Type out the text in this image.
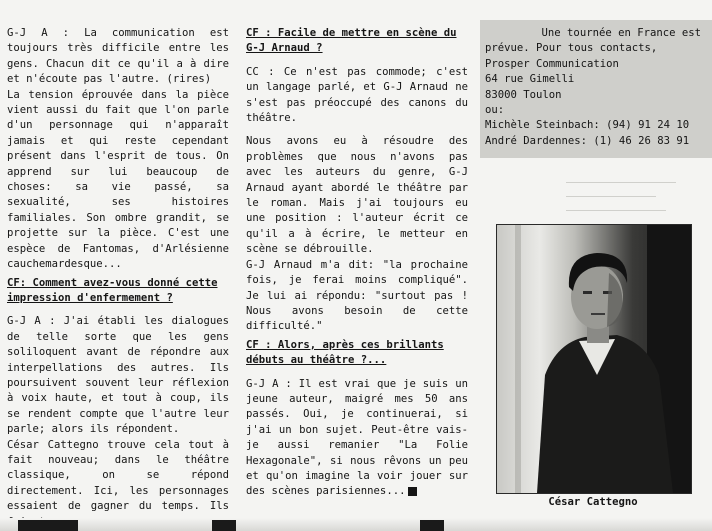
G-J A : La communication est toujours très difficile entre les gens. Chacun dit ce qu'il a à dire et n'écoute pas l'autre. (rires)

La tension éprouvée dans la pièce vient aussi du fait que l'on parle d'un personnage qui n'apparaît jamais et qui reste cependant présent dans l'esprit de tous. On apprend sur lui beaucoup de choses: sa vie passé, sa sexualité, ses histoires familiales. Son ombre grandit, se projette sur la pièce. C'est une espèce de Fantomas, d'Arlésienne cauchemardesque...

CF: Comment avez-vous donné cette impression d'enfermement ?

G-J A : J'ai établi les dialogues de telle sorte que les gens soliloquent avant de répondre aux interpellations des autres. Ils poursuivent souvent leur réflexion à voix haute, et tout à coup, ils se rendent compte que l'autre leur parle; alors ils répondent.

César Cattegno trouve cela tout à fait nouveau; dans le théâtre classique, on se répond directement. Ici, les personnages essaient de gagner du temps. Ils

CF : Facile de mettre en scène du G-J Arnaud ?

CC : Ce n'est pas commode; c'est un langage parlé, et G-J Arnaud ne s'est pas préoccupé des canons du théâtre.

Nous avons eu à résoudre des problèmes que nous n'avons pas avec les auteurs du genre, G-J Arnaud ayant abordé le théâtre par le roman. Mais j'ai toujours eu une position : l'auteur écrit ce qu'il a à écrire, le metteur en scène se débrouille.

G-J Arnaud m'a dit: "la prochaine fois, je ferai moins compliqué". Je lui ai répondu: "surtout pas ! Nous avons besoin de cette difficulté."

CF : Alors, après ces brillants débuts au théâtre ?...

G-J A : Il est vrai que je suis un jeune auteur, maigré mes 50 ans passés. Oui, je continuerai, si j'ai un bon sujet. Peut-être vais-je aussi remanier "La Folie Hexagonale", si nous rêvons un peu et qu'on imagine la voir jouer sur des scènes parisiennes...

Une tournée en France est
prévue. Pour tous contacts,
Prosper Communication
64 rue Gimelli
83000 Toulon
ou:
Michèle Steinbach: (94) 91 24 10
André Dardennes: (1) 46 26 83 91
César Cattegno
